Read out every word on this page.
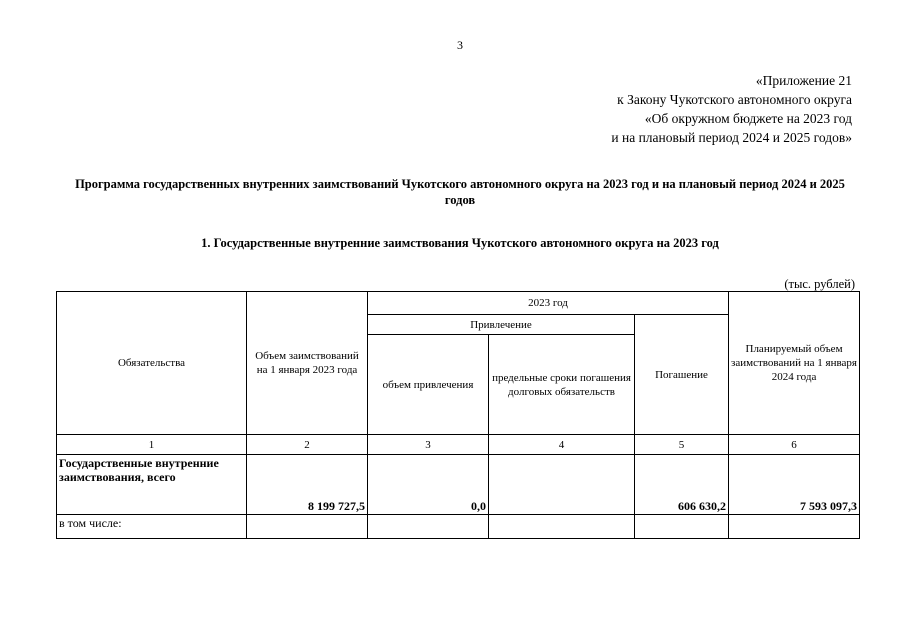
3
«Приложение 21
к Закону Чукотского автономного округа
«Об окружном бюджете на 2023 год
и на плановый период 2024 и 2025 годов»
Программа государственных внутренних заимствований Чукотского автономного округа на 2023 год и на плановый период 2024 и 2025 годов
1. Государственные внутренние заимствования Чукотского автономного округа на 2023 год
(тыс. рублей)
Обязательства	Объем заимствований на 1 января 2023 года	2023 год			Планируемый объем заимствований на 1 января 2024 года
		Привлечение		Погашение	
		объем привлечения	предельные сроки погашения долговых обязательств		
1	2	3	4	5	6
Государственные внутренние заимствования, всего	8 199 727,5	0,0		606 630,2	7 593 097,3
в том числе:					
